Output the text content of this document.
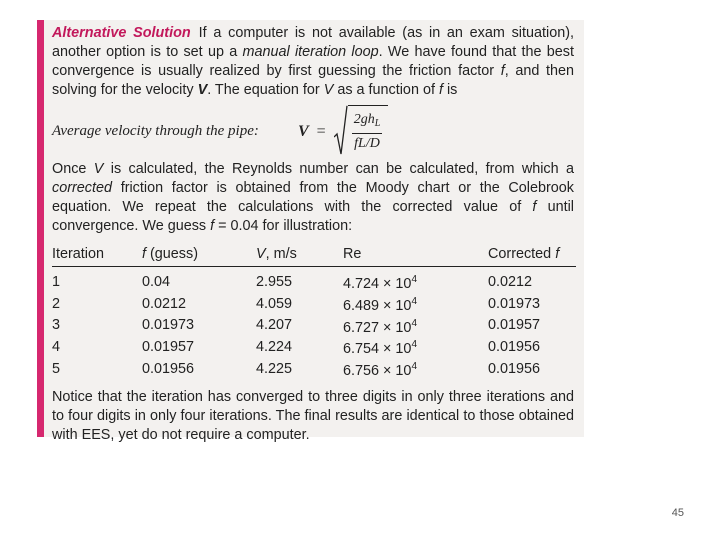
Alternative Solution If a computer is not available (as in an exam situation), another option is to set up a manual iteration loop. We have found that the best convergence is usually realized by first guessing the friction factor f, and then solving for the velocity V. The equation for V as a function of f is

Average velocity through the pipe:	$V = \frac{2gh_L}{fL/D}$

Once V is calculated, the Reynolds number can be calculated, from which a corrected friction factor is obtained from the Moody chart or the Colebrook equation. We repeat the calculations with the corrected value of f until convergence. We guess f = 0.04 for illustration:

Iteration	f (guess)	V, m/s	Re	Corrected f
1	0.04	2.955	$4.724 \times 10^4$	0.0212
2	0.0212	4.059	$6.489 \times 10^4$	0.01973
3	0.01973	4.207	$6.727 \times 10^4$	0.01957
4	0.01957	4.224	$6.754 \times 10^4$	0.01956
5	0.01956	4.225	$6.756 \times 10^4$	0.01956

Notice that the iteration has converged to three digits in only three iterations and to four digits in only four iterations. The final results are identical to those obtained with EES, yet do not require a computer.

45
